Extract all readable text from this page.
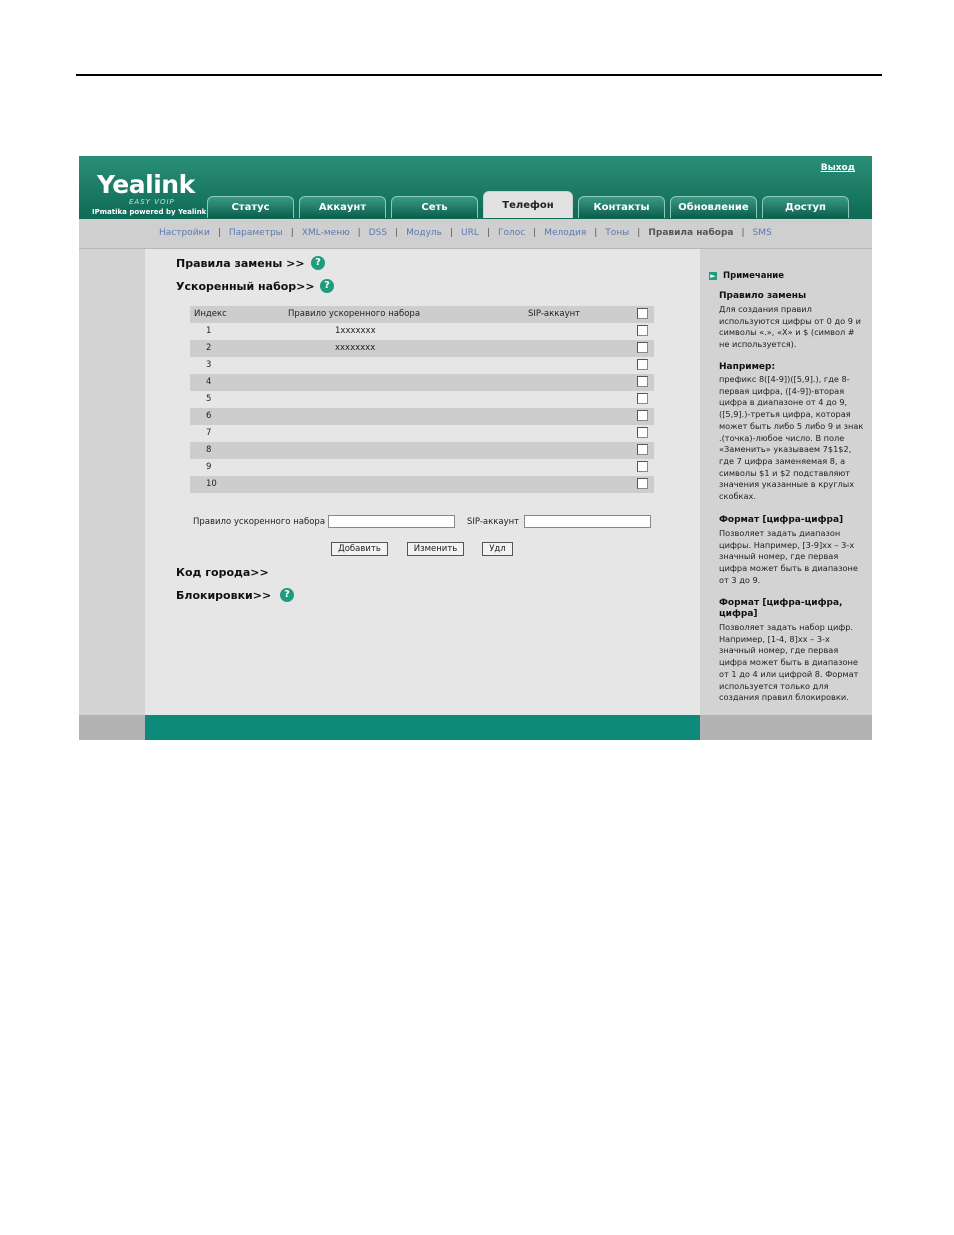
Yealink
EASY VOIP
IPmatika powered by Yealink
Выход
Статус	Аккаунт	Сеть	Телефон	Контакты	Обновление	Доступ
Настройки | Параметры | XML-меню | DSS | Модуль | URL | Голос | Мелодия | Тоны | Правила набора | SMS
Правила замены >>	?
Ускоренный набор>> ?
Индекс	Правило ускоренного набора	SIP-аккаунт
1	1xxxxxxx
2	xxxxxxxx
3
4
5
6
7
8
9
10
Правило ускоренного набора	SIP-аккаунт
Добавить	Изменить	Удл
Код города>>
Блокировки>>	?
► Примечание
Правило замены
Для создания правил используются цифры от 0 до 9 и символы «.», «X» и $ (символ # не используется).
Например:
префикс 8([4-9])([5,9].), где 8-первая цифра, ([4-9])-вторая цифра в диапазоне от 4 до 9, ([5,9].)-третья цифра, которая может быть либо 5 либо 9 и знак .(точка)-любое число. В поле «Заменить» указываем 7$1$2, где 7 цифра заменяемая 8, а символы $1 и $2 подставляют значения указанные в круглых скобках.
Формат [цифра-цифра]
Позволяет задать диапазон цифры. Например, [3-9]xx – 3-х значный номер, где первая цифра может быть в диапазоне от 3 до 9.
Формат [цифра-цифра, цифра]
Позволяет задать набор цифр. Например, [1-4, 8]xx – 3-х значный номер, где первая цифра может быть в диапазоне от 1 до 4 или цифрой 8. Формат используется только для создания правил блокировки.
